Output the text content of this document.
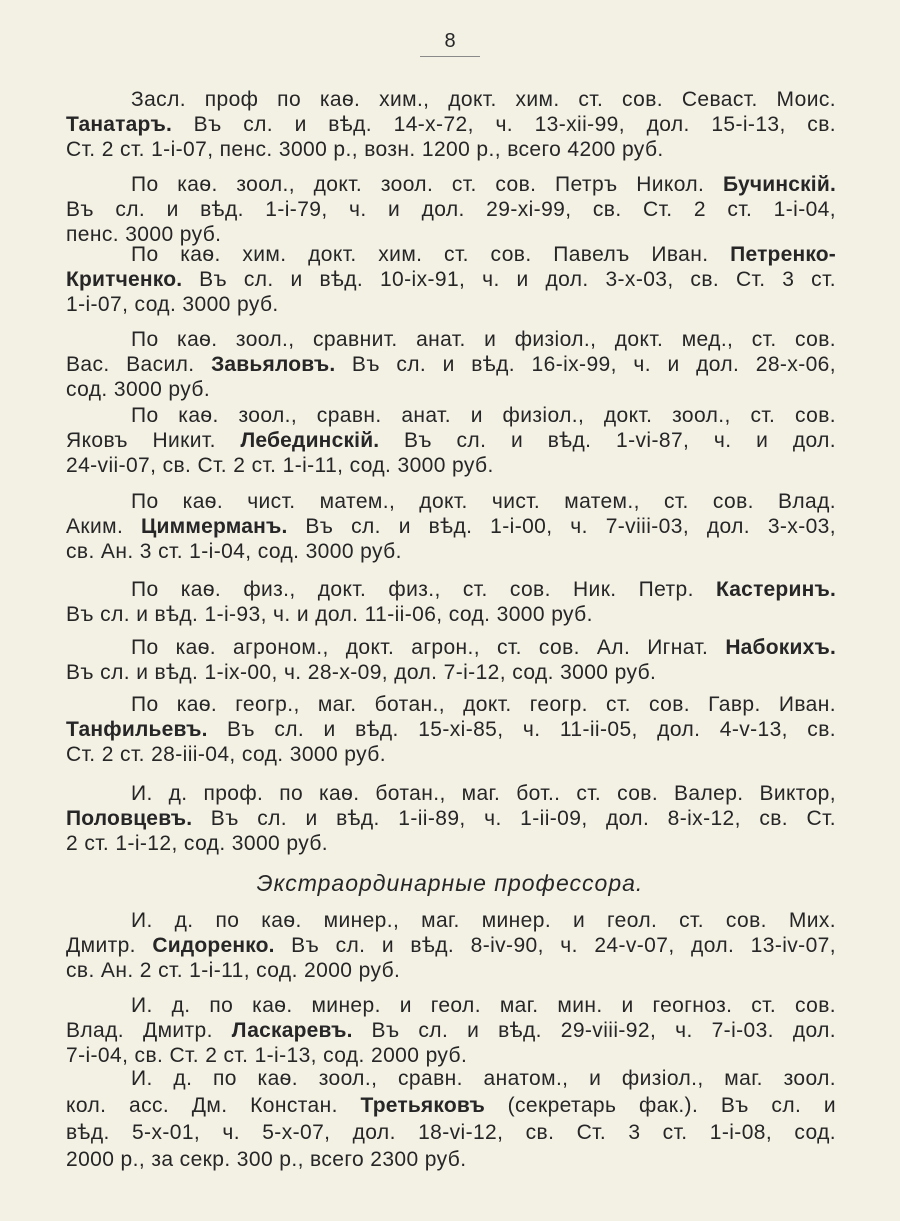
8
Засл. проф по каѳ. хим., докт. хим. ст. сов. Севаст. Моис.
Танатаръ. Въ сл. и вѣд. 14-x-72, ч. 13-xii-99, дол. 15-i-13, св.
Ст. 2 ст. 1-i-07, пенс. 3000 р., возн. 1200 р., всего 4200 руб.
По каѳ. зоол., докт. зоол. ст. сов. Петръ Никол. Бучинскій.
Въ сл. и вѣд. 1-i-79, ч. и дол. 29-xi-99, св. Ст. 2 ст. 1-i-04,
пенс. 3000 руб.
По каѳ. хим. докт. хим. ст. сов. Павелъ Иван. Петренко-
Критченко. Въ сл. и вѣд. 10-ix-91, ч. и дол. 3-x-03, св. Ст. 3 ст.
1-i-07, сод. 3000 руб.
По каѳ. зоол., сравнит. анат. и физіол., докт. мед., ст. сов.
Вас. Васил. Завьяловъ. Въ сл. и вѣд. 16-ix-99, ч. и дол. 28-x-06,
сод. 3000 руб.
По каѳ. зоол., сравн. анат. и физіол., докт. зоол., ст. сов.
Яковъ Никит. Лебединскій. Въ сл. и вѣд. 1-vi-87, ч. и дол.
24-vii-07, св. Ст. 2 ст. 1-i-11, сод. 3000 руб.
По каѳ. чист. матем., докт. чист. матем., ст. сов. Влад.
Аким. Циммерманъ. Въ сл. и вѣд. 1-i-00, ч. 7-viii-03, дол. 3-x-03,
св. Ан. 3 ст. 1-i-04, сод. 3000 руб.
По каѳ. физ., докт. физ., ст. сов. Ник. Петр. Кастеринъ.
Въ сл. и вѣд. 1-i-93, ч. и дол. 11-ii-06, сод. 3000 руб.
По каѳ. агроном., докт. агрон., ст. сов. Ал. Игнат. Набокихъ.
Въ сл. и вѣд. 1-ix-00, ч. 28-x-09, дол. 7-i-12, сод. 3000 руб.
По каѳ. геогр., маг. ботан., докт. геогр. ст. сов. Гавр. Иван.
Танфильевъ. Въ сл. и вѣд. 15-xi-85, ч. 11-ii-05, дол. 4-v-13, св.
Ст. 2 ст. 28-iii-04, сод. 3000 руб.
И. д. проф. по каѳ. ботан., маг. бот.. ст. сов. Валер. Виктор,
Половцевъ. Въ сл. и вѣд. 1-ii-89, ч. 1-ii-09, дол. 8-ix-12, св. Ст.
2 ст. 1-i-12, сод. 3000 руб.
Экстраординарные профессора.
И. д. по каѳ. минер., маг. минер. и геол. ст. сов. Мих.
Дмитр. Сидоренко. Въ сл. и вѣд. 8-iv-90, ч. 24-v-07, дол. 13-iv-07,
св. Ан. 2 ст. 1-i-11, сод. 2000 руб.
И. д. по каѳ. минер. и геол. маг. мин. и геогноз. ст. сов.
Влад. Дмитр. Ласкаревъ. Въ сл. и вѣд. 29-viii-92, ч. 7-i-03. дол.
7-i-04, св. Ст. 2 ст. 1-i-13, сод. 2000 руб.
И. д. по каѳ. зоол., сравн. анатом., и физіол., маг. зоол.
кол. асс. Дм. Констан. Третьяковъ (секретарь фак.). Въ сл. и
вѣд. 5-x-01, ч. 5-x-07, дол. 18-vi-12, св. Ст. 3 ст. 1-i-08, сод.
2000 р., за секр. 300 р., всего 2300 руб.
